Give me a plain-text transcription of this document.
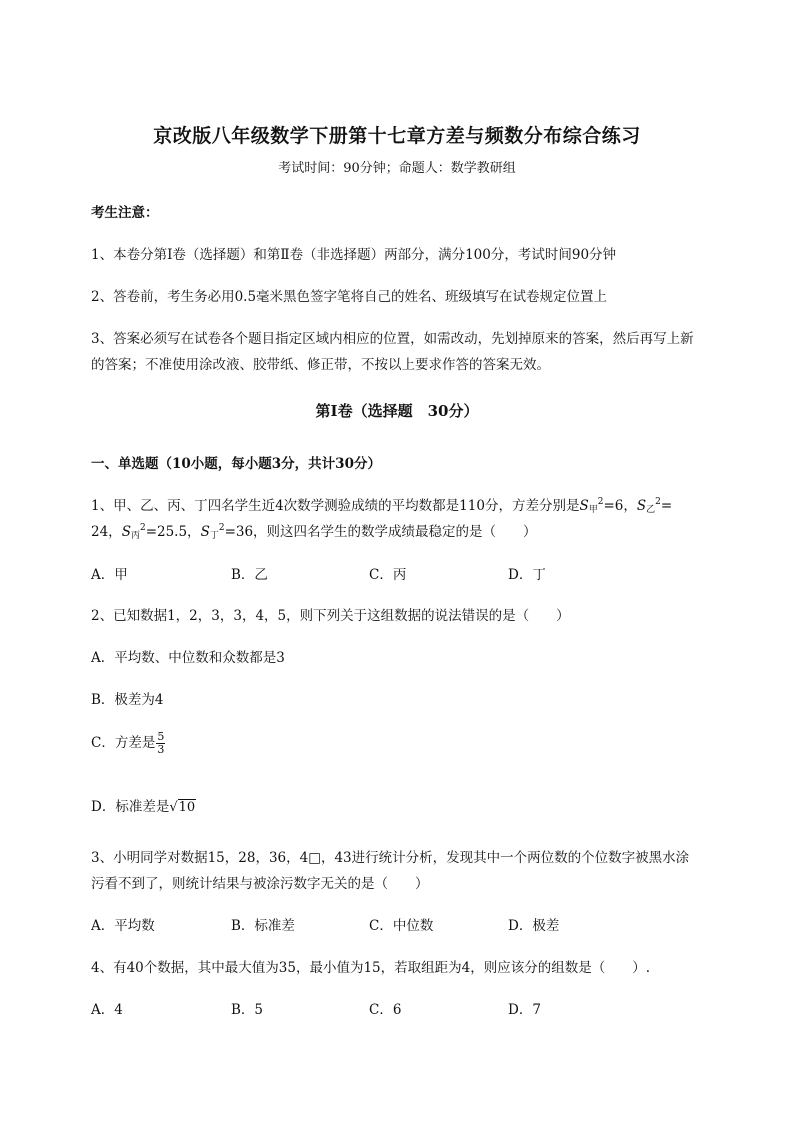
京改版八年级数学下册第十七章方差与频数分布综合练习
考试时间：90分钟；命题人：数学教研组
考生注意：
1、本卷分第I卷（选择题）和第Ⅱ卷（非选择题）两部分，满分100分，考试时间90分钟
2、答卷前，考生务必用0.5毫米黑色签字笔将自己的姓名、班级填写在试卷规定位置上
3、答案必须写在试卷各个题目指定区域内相应的位置，如需改动，先划掉原来的答案，然后再写上新
的答案；不准使用涂改液、胶带纸、修正带，不按以上要求作答的答案无效。
第I卷（选择题　30分）
一、单选题（10小题，每小题3分，共计30分）
1、甲、乙、丙、丁四名学生近4次数学测验成绩的平均数都是110分，方差分别是$S_甲^2=6$，$S_乙^2=$
24，$S_丙^2=25.5$，$S_丁^2=36$，则这四名学生的数学成绩最稳定的是（　　）
A．甲	B．乙	C．丙	D．丁
2、已知数据1，2，3，3，4，5，则下列关于这组数据的说法错误的是（　　）
A．平均数、中位数和众数都是3
B．极差为4
C．方差是 $\frac{5}{3}$
D．标准差是√10
3、小明同学对数据15，28，36，4□，43进行统计分析，发现其中一个两位数的个位数字被黑水涂
污看不到了，则统计结果与被涂污数字无关的是（　　）
A．平均数	B．标准差	C．中位数	D．极差
4、有40个数据，其中最大值为35，最小值为15，若取组距为4，则应该分的组数是（　　）.
A．4	B．5	C．6	D．7
